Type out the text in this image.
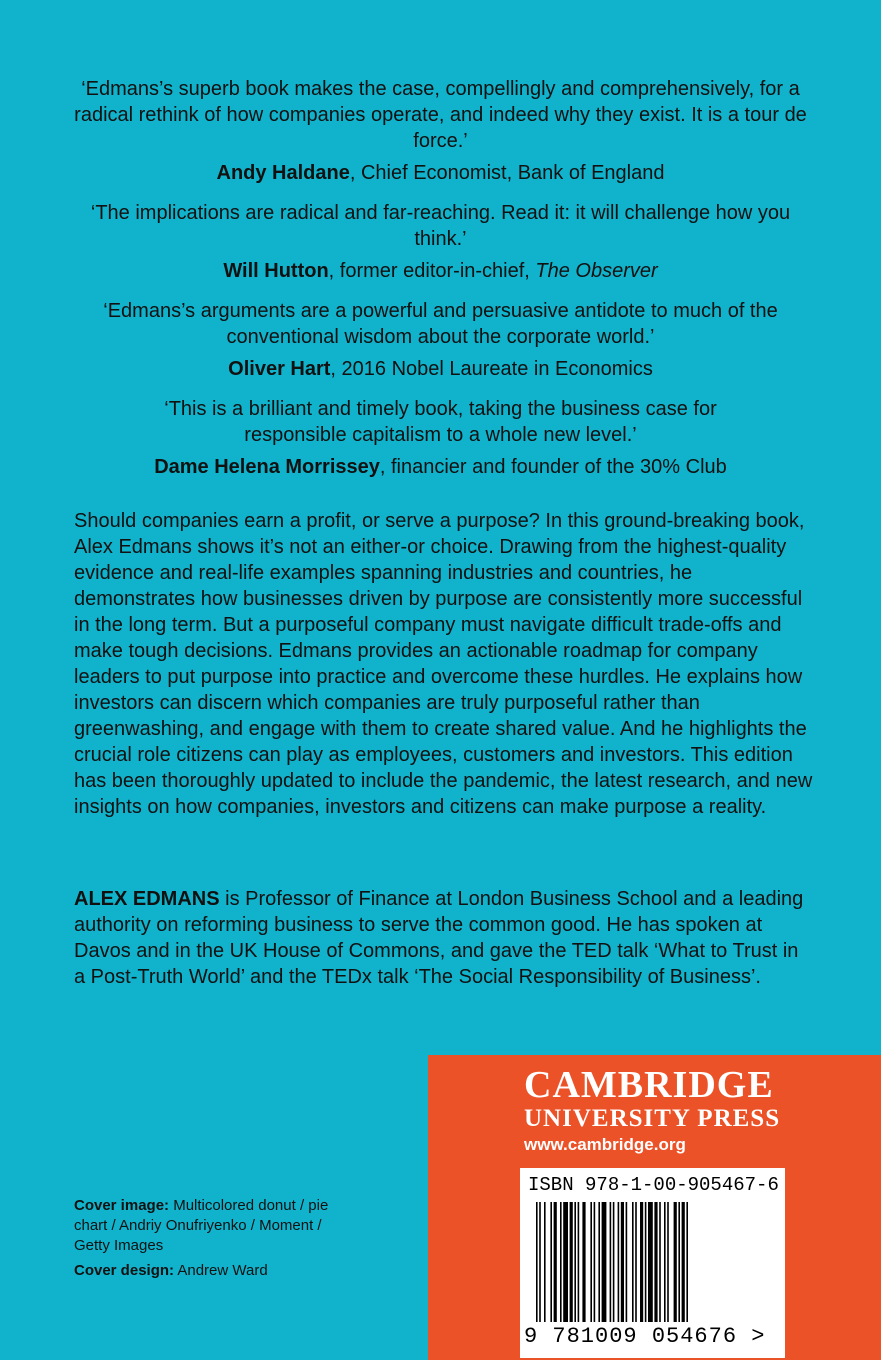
‘Edmans’s superb book makes the case, compellingly and comprehensively, for a radical rethink of how companies operate, and indeed why they exist. It is a tour de force.’

Andy Haldane, Chief Economist, Bank of England

‘The implications are radical and far-reaching. Read it: it will challenge how you think.’

Will Hutton, former editor-in-chief, The Observer

‘Edmans’s arguments are a powerful and persuasive antidote to much of the conventional wisdom about the corporate world.’

Oliver Hart, 2016 Nobel Laureate in Economics

‘This is a brilliant and timely book, taking the business case for responsible capitalism to a whole new level.’

Dame Helena Morrissey, financier and founder of the 30% Club

Should companies earn a profit, or serve a purpose? In this ground-breaking book, Alex Edmans shows it’s not an either-or choice. Drawing from the highest-quality evidence and real-life examples spanning industries and countries, he demonstrates how businesses driven by purpose are consistently more successful in the long term. But a purposeful company must navigate difficult trade-offs and make tough decisions. Edmans provides an actionable roadmap for company leaders to put purpose into practice and overcome these hurdles. He explains how investors can discern which companies are truly purposeful rather than greenwashing, and engage with them to create shared value. And he highlights the crucial role citizens can play as employees, customers and investors. This edition has been thoroughly updated to include the pandemic, the latest research, and new insights on how companies, investors and citizens can make purpose a reality.

ALEX EDMANS is Professor of Finance at London Business School and a leading authority on reforming business to serve the common good. He has spoken at Davos and in the UK House of Commons, and gave the TED talk ‘What to Trust in a Post-Truth World’ and the TEDx talk ‘The Social Responsibility of Business’.

Cover image: Multicolored donut / pie chart / Andriy Onufriyenko / Moment / Getty Images
Cover design: Andrew Ward
CAMBRIDGE
UNIVERSITY PRESS
www.cambridge.org
ISBN 978-1-00-905467-6
9 781009 054676 >
